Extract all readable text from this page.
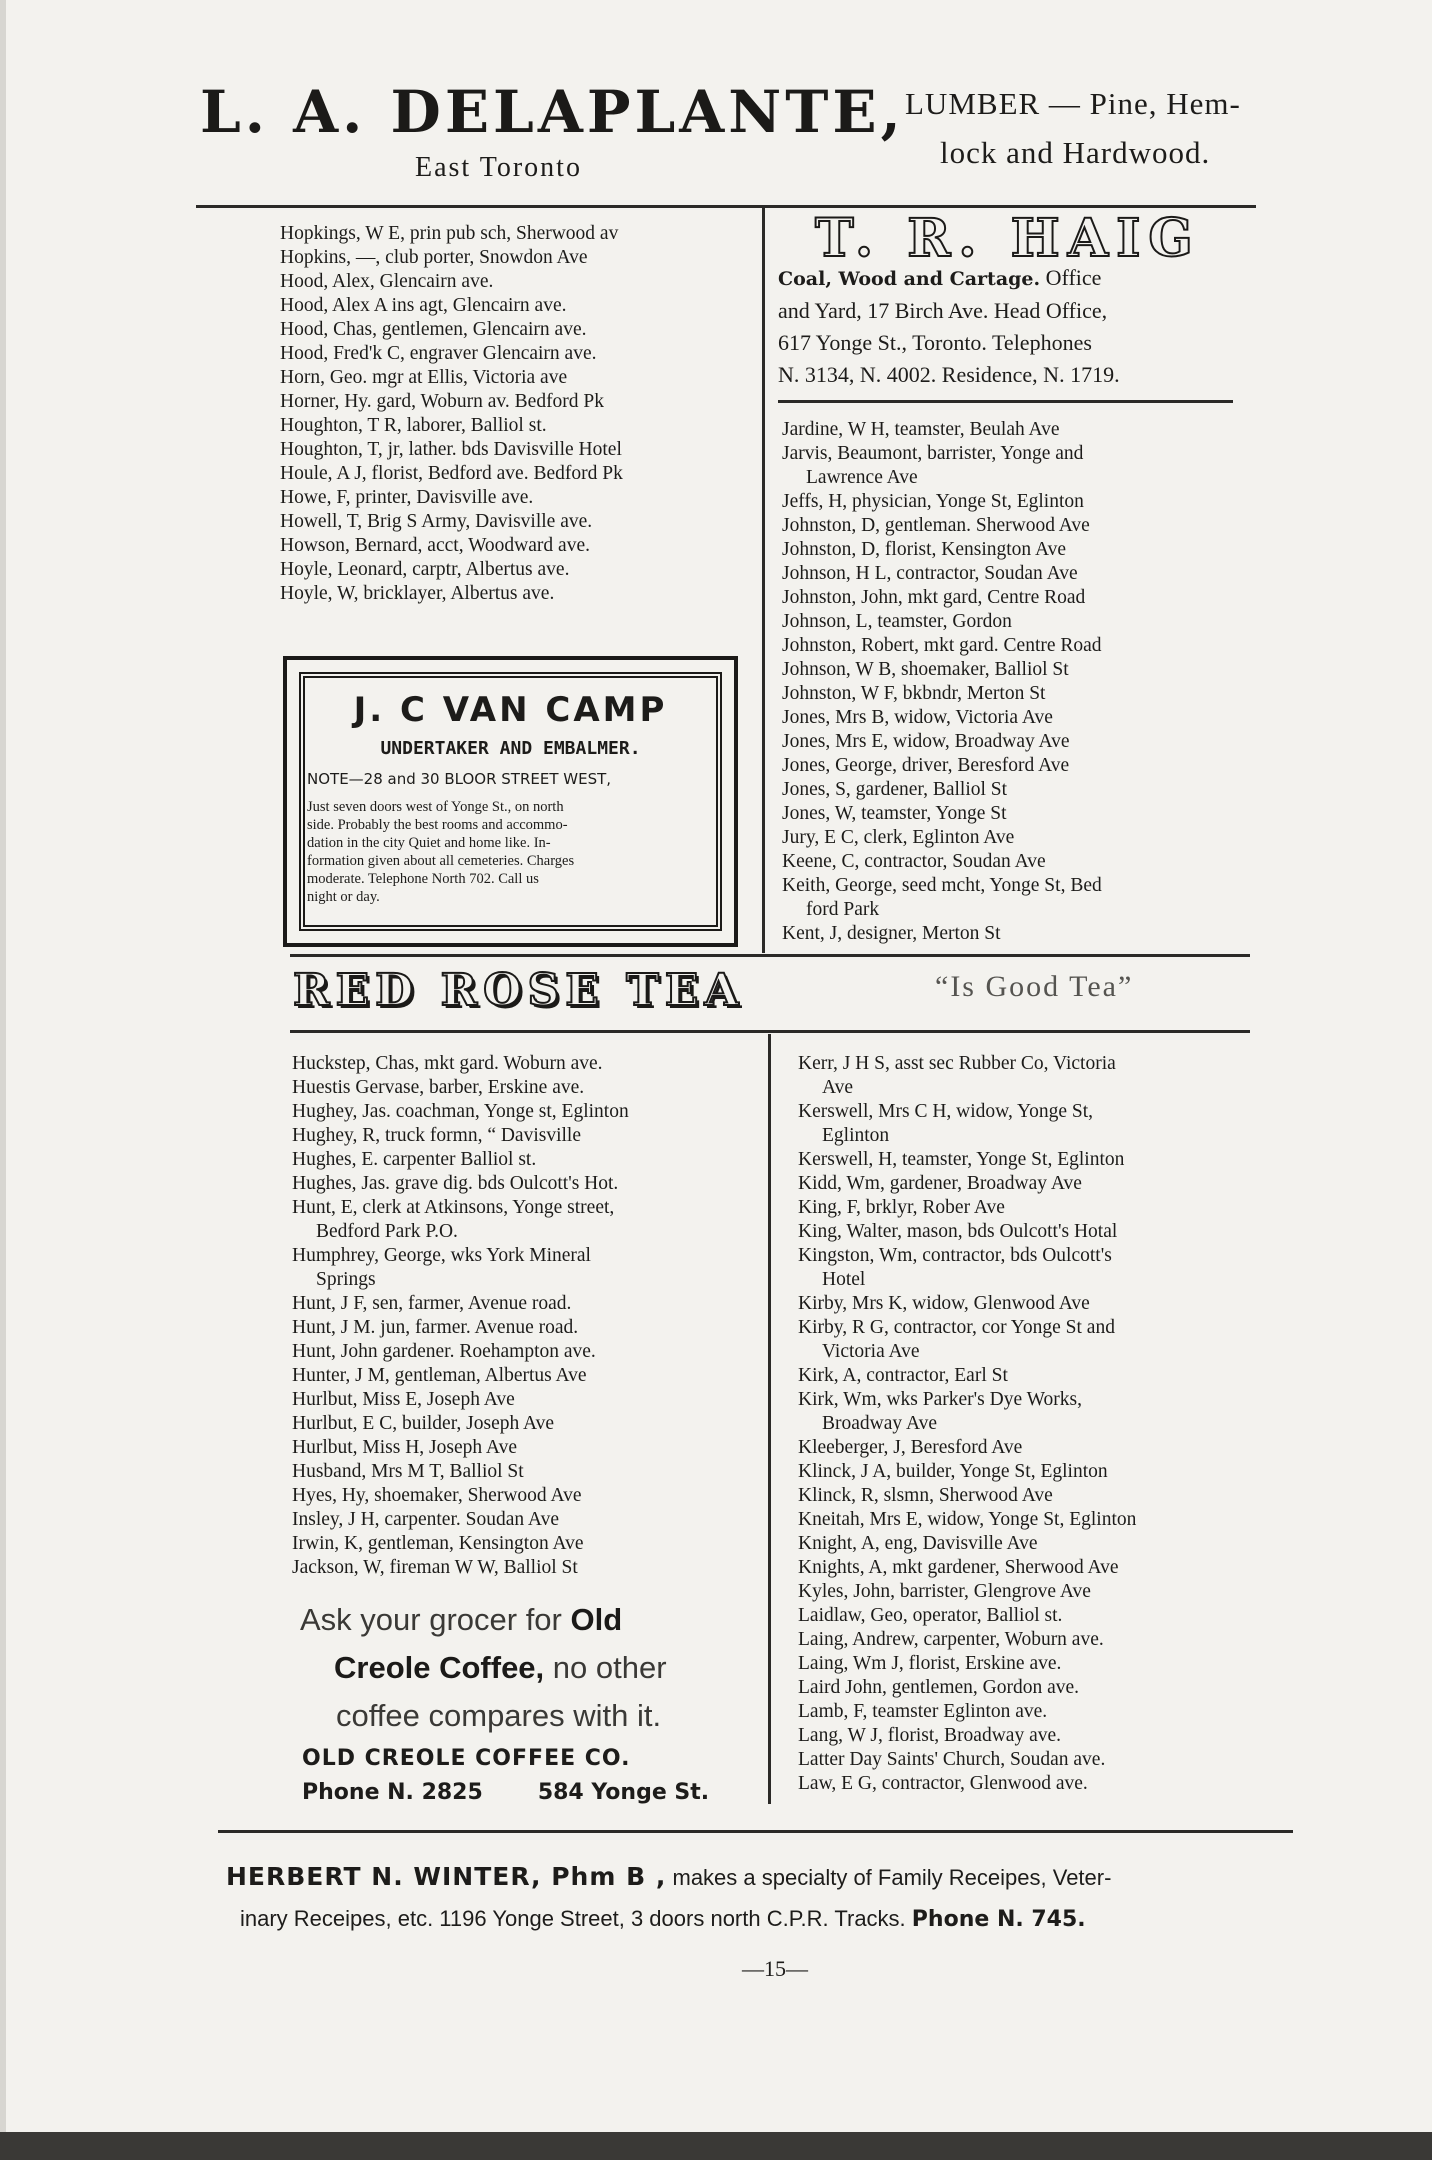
L. A. DELAPLANTE,
East Toronto
LUMBER — Pine, Hem-
lock and Hardwood.
Hopkings, W E, prin pub sch, Sherwood av
Hopkins, —, club porter, Snowdon Ave
Hood, Alex, Glencairn ave.
Hood, Alex A ins agt, Glencairn ave.
Hood, Chas, gentlemen, Glencairn ave.
Hood, Fred'k C, engraver Glencairn ave.
Horn, Geo. mgr at Ellis, Victoria ave
Horner, Hy. gard, Woburn av. Bedford Pk
Houghton, T R, laborer, Balliol st.
Houghton, T, jr, lather. bds Davisville Hotel
Houle, A J, florist, Bedford ave. Bedford Pk
Howe, F, printer, Davisville ave.
Howell, T, Brig S Army, Davisville ave.
Howson, Bernard, acct, Woodward ave.
Hoyle, Leonard, carptr, Albertus ave.
Hoyle, W, bricklayer, Albertus ave.
T. R. HAIG
Coal, Wood and Cartage. Office
and Yard, 17 Birch Ave. Head Office,
617 Yonge St., Toronto. Telephones
N. 3134, N. 4002. Residence, N. 1719.
Jardine, W H, teamster, Beulah Ave
Jarvis, Beaumont, barrister, Yonge and
Lawrence Ave
Jeffs, H, physician, Yonge St, Eglinton
Johnston, D, gentleman. Sherwood Ave
Johnston, D, florist, Kensington Ave
Johnson, H L, contractor, Soudan Ave
Johnston, John, mkt gard, Centre Road
Johnson, L, teamster, Gordon
Johnston, Robert, mkt gard. Centre Road
Johnson, W B, shoemaker, Balliol St
Johnston, W F, bkbndr, Merton St
Jones, Mrs B, widow, Victoria Ave
Jones, Mrs E, widow, Broadway Ave
Jones, George, driver, Beresford Ave
Jones, S, gardener, Balliol St
Jones, W, teamster, Yonge St
Jury, E C, clerk, Eglinton Ave
Keene, C, contractor, Soudan Ave
Keith, George, seed mcht, Yonge St, Bed
ford Park
Kent, J, designer, Merton St
J. C VAN CAMP
UNDERTAKER AND EMBALMER.
NOTE—28 and 30 BLOOR STREET WEST,
Just seven doors west of Yonge St., on north
side. Probably the best rooms and accommo-
dation in the city Quiet and home like. In-
formation given about all cemeteries. Charges
moderate. Telephone North 702. Call us
night or day.
RED ROSE TEA	“Is Good Tea”
Huckstep, Chas, mkt gard. Woburn ave.
Huestis Gervase, barber, Erskine ave.
Hughey, Jas. coachman, Yonge st, Eglinton
Hughey, R, truck formn, “ Davisville
Hughes, E. carpenter Balliol st.
Hughes, Jas. grave dig. bds Oulcott's Hot.
Hunt, E, clerk at Atkinsons, Yonge street,
Bedford Park P.O.
Humphrey, George, wks York Mineral
Springs
Hunt, J F, sen, farmer, Avenue road.
Hunt, J M. jun, farmer. Avenue road.
Hunt, John gardener. Roehampton ave.
Hunter, J M, gentleman, Albertus Ave
Hurlbut, Miss E, Joseph Ave
Hurlbut, E C, builder, Joseph Ave
Hurlbut, Miss H, Joseph Ave
Husband, Mrs M T, Balliol St
Hyes, Hy, shoemaker, Sherwood Ave
Insley, J H, carpenter. Soudan Ave
Irwin, K, gentleman, Kensington Ave
Jackson, W, fireman W W, Balliol St
Ask your grocer for Old
Creole Coffee, no other
coffee compares with it.
OLD CREOLE COFFEE CO.
Phone N. 2825	584 Yonge St.
Kerr, J H S, asst sec Rubber Co, Victoria
Ave
Kerswell, Mrs C H, widow, Yonge St,
Eglinton
Kerswell, H, teamster, Yonge St, Eglinton
Kidd, Wm, gardener, Broadway Ave
King, F, brklyr, Rober Ave
King, Walter, mason, bds Oulcott's Hotal
Kingston, Wm, contractor, bds Oulcott's
Hotel
Kirby, Mrs K, widow, Glenwood Ave
Kirby, R G, contractor, cor Yonge St and
Victoria Ave
Kirk, A, contractor, Earl St
Kirk, Wm, wks Parker's Dye Works,
Broadway Ave
Kleeberger, J, Beresford Ave
Klinck, J A, builder, Yonge St, Eglinton
Klinck, R, slsmn, Sherwood Ave
Kneitah, Mrs E, widow, Yonge St, Eglinton
Knight, A, eng, Davisville Ave
Knights, A, mkt gardener, Sherwood Ave
Kyles, John, barrister, Glengrove Ave
Laidlaw, Geo, operator, Balliol st.
Laing, Andrew, carpenter, Woburn ave.
Laing, Wm J, florist, Erskine ave.
Laird John, gentlemen, Gordon ave.
Lamb, F, teamster Eglinton ave.
Lang, W J, florist, Broadway ave.
Latter Day Saints' Church, Soudan ave.
Law, E G, contractor, Glenwood ave.
HERBERT N. WINTER, Phm B , makes a specialty of Family Receipes, Veter-
inary Receipes, etc. 1196 Yonge Street, 3 doors north C.P.R. Tracks. Phone N. 745.
—15—
